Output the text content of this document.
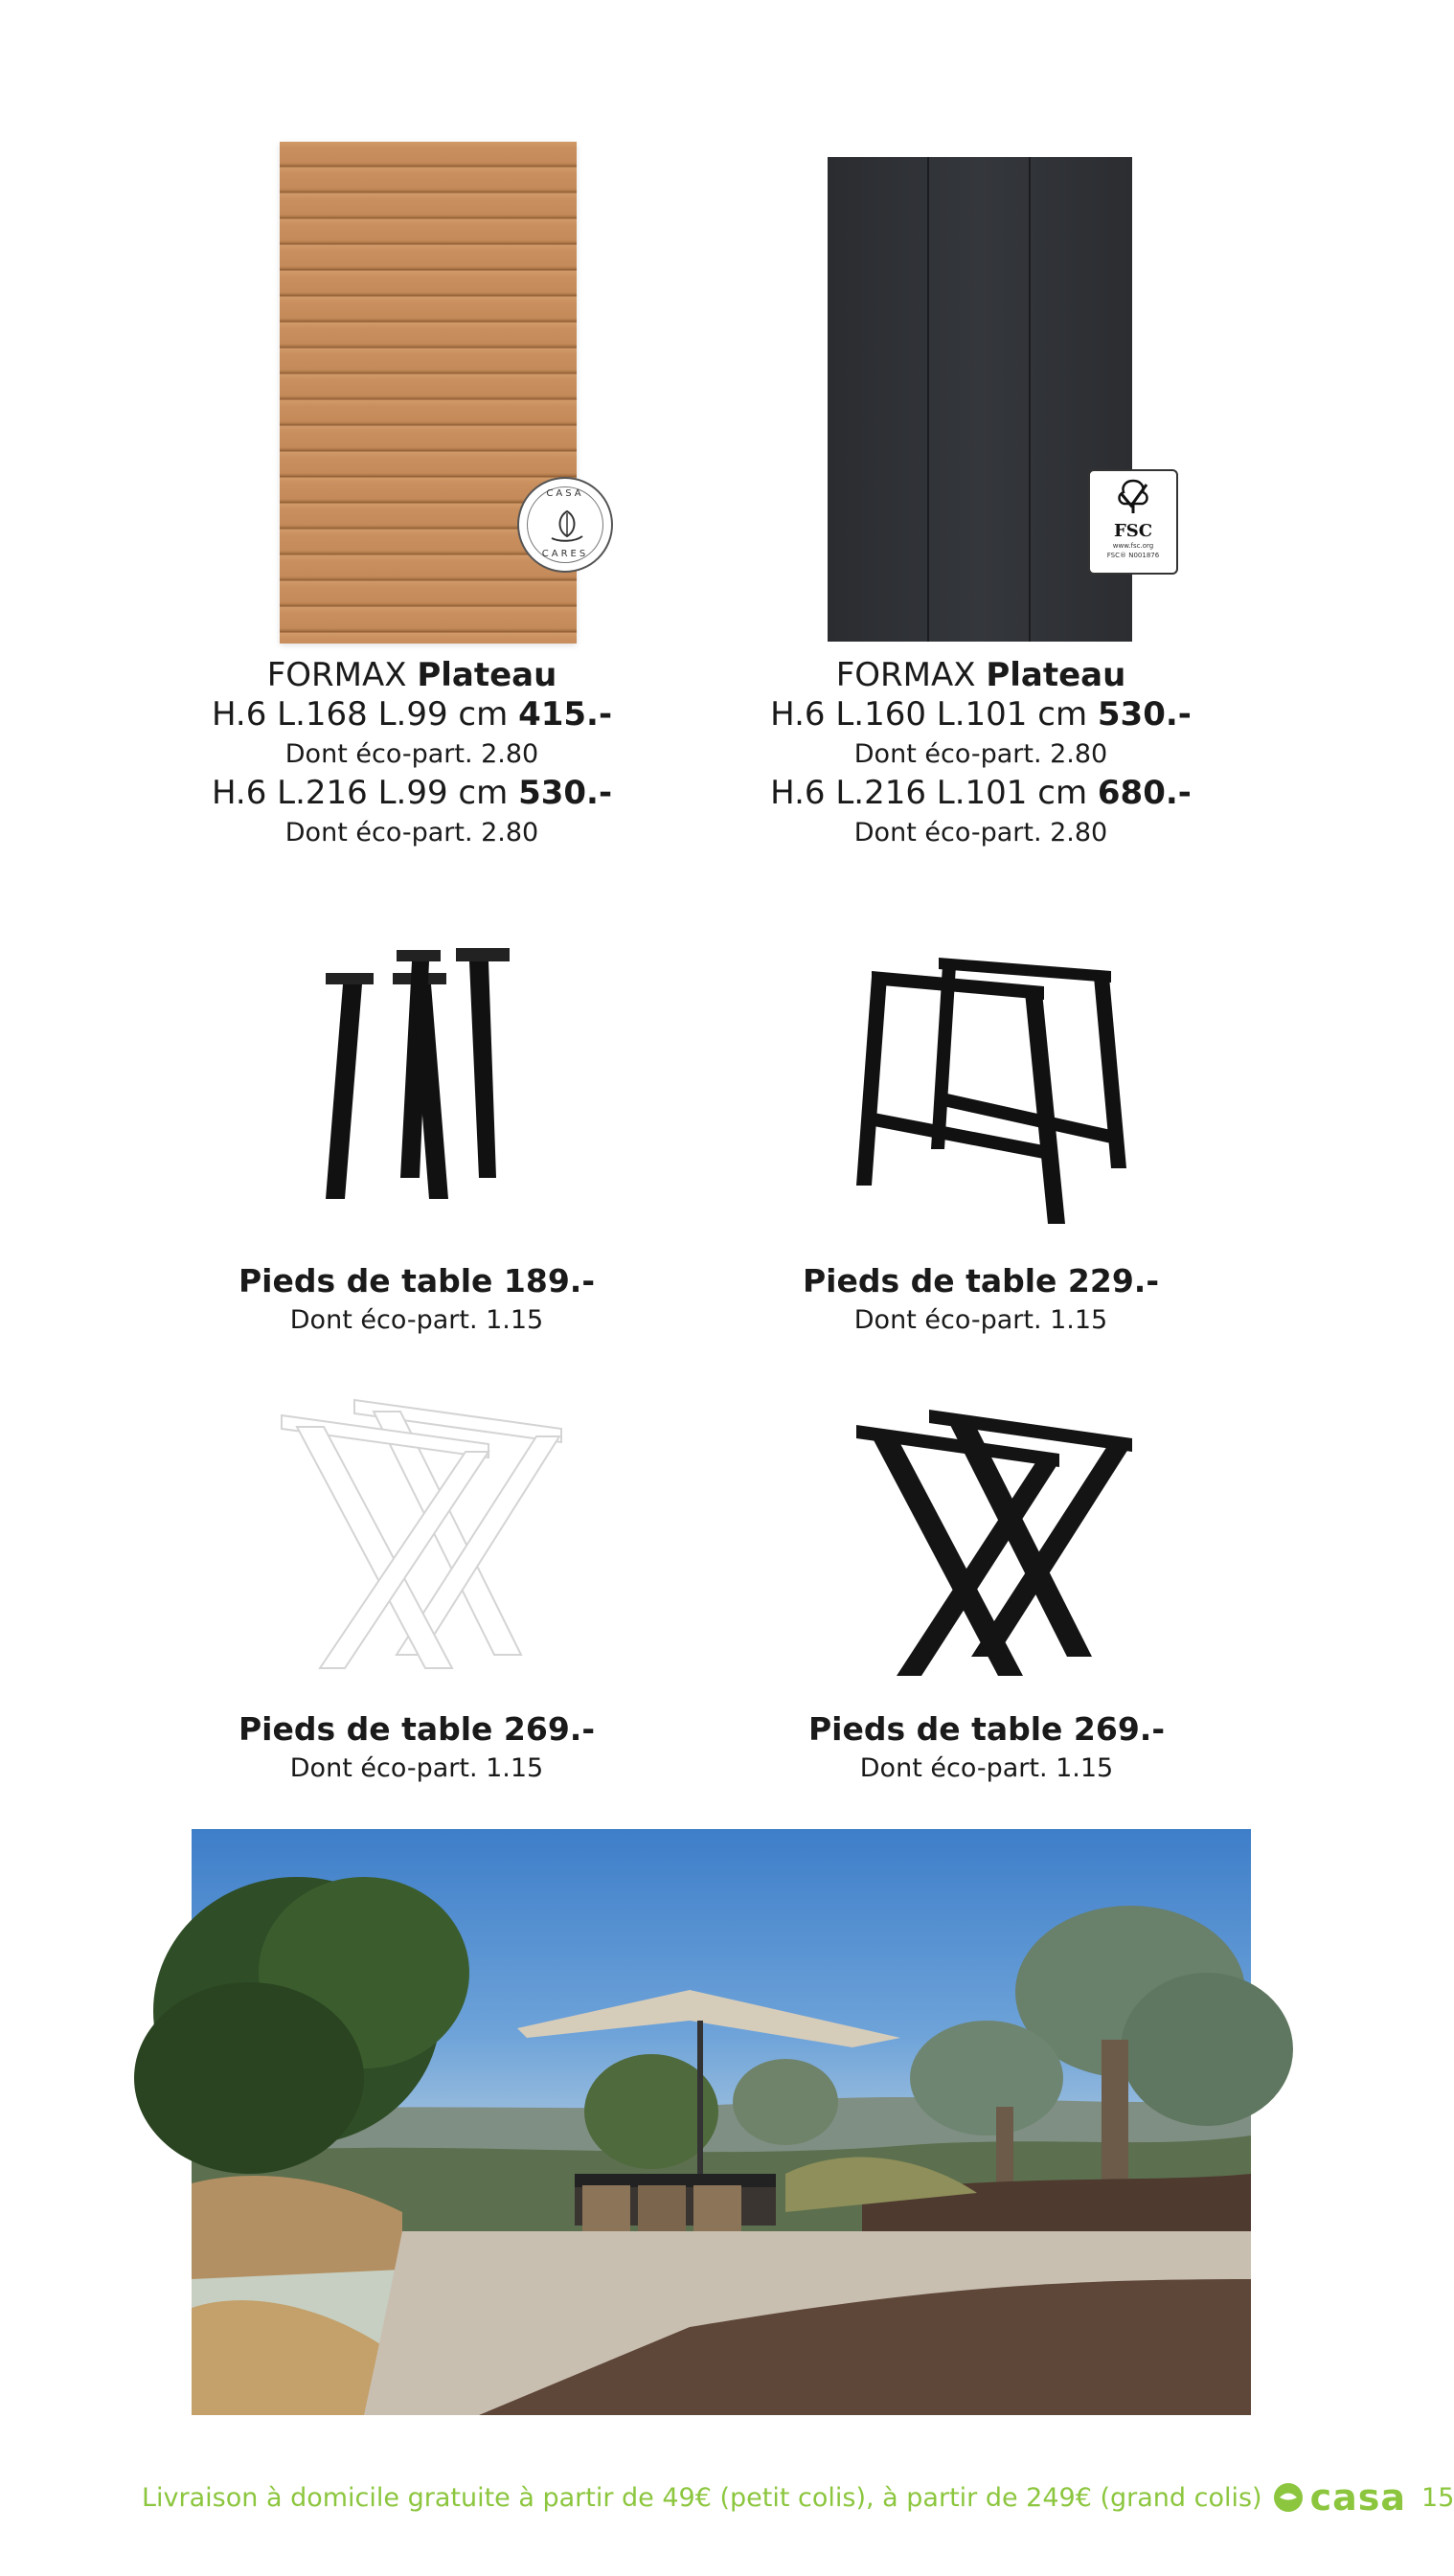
CASA
CARES
FSC
www.fsc.org
FSC® N001876
FORMAX Plateau
H.6 L.168 L.99 cm 415.-
Dont éco-part. 2.80
H.6 L.216 L.99 cm 530.-
Dont éco-part. 2.80
FORMAX Plateau
H.6 L.160 L.101 cm 530.-
Dont éco-part. 2.80
H.6 L.216 L.101 cm 680.-
Dont éco-part. 2.80
Pieds de table 189.-
Dont éco-part. 1.15
Pieds de table 229.-
Dont éco-part. 1.15
Pieds de table 269.-
Dont éco-part. 1.15
Pieds de table 269.-
Dont éco-part. 1.15
Livraison à domicile gratuite à partir de 49€ (petit colis), à partir de 249€ (grand colis) casa 15
